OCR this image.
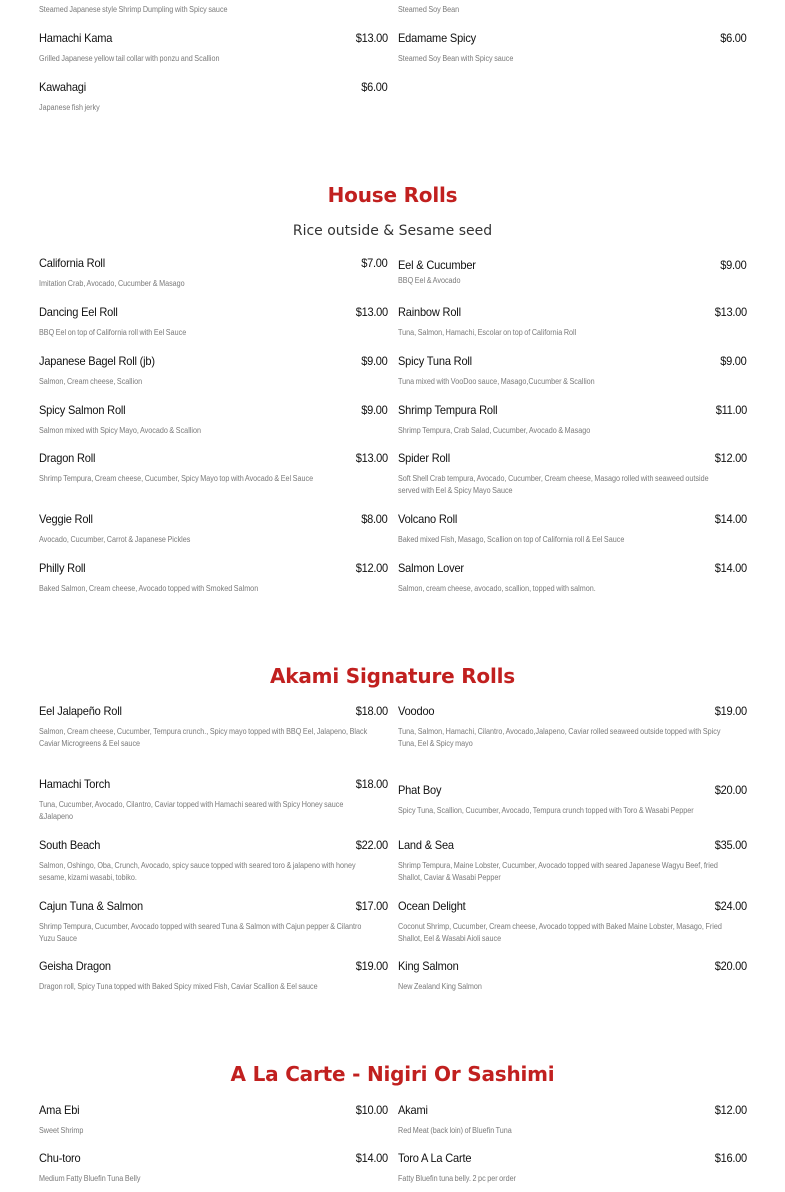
Steamed Japanese style Shrimp Dumpling with Spicy sauce	Steamed Soy Bean
Hamachi Kama	$13.00
Grilled Japanese yellow tail collar with ponzu and Scallion
Kawahagi	$6.00
Japanese fish jerky
Edamame Spicy	$6.00
Steamed Soy Bean with Spicy sauce
House Rolls
Rice outside & Sesame seed
California Roll	$7.00
Imitation Crab, Avocado, Cucumber & Masago
Dancing Eel Roll	$13.00
BBQ Eel on top of California roll with Eel Sauce
Japanese Bagel Roll (jb)	$9.00
Salmon, Cream cheese, Scallion
Spicy Salmon Roll	$9.00
Salmon mixed with Spicy Mayo, Avocado & Scallion
Dragon Roll	$13.00
Shrimp Tempura, Cream cheese, Cucumber, Spicy Mayo top with Avocado & Eel Sauce
Veggie Roll	$8.00
Avocado, Cucumber, Carrot & Japanese Pickles
Philly Roll	$12.00
Baked Salmon, Cream cheese, Avocado topped with Smoked Salmon
Eel & Cucumber	$9.00
BBQ Eel & Avocado
Rainbow Roll	$13.00
Tuna, Salmon, Hamachi, Escolar on top of California Roll
Spicy Tuna Roll	$9.00
Tuna mixed with VooDoo sauce, Masago,Cucumber & Scallion
Shrimp Tempura Roll	$11.00
Shrimp Tempura, Crab Salad, Cucumber, Avocado & Masago
Spider Roll	$12.00
Soft Shell Crab tempura, Avocado, Cucumber, Cream cheese, Masago rolled with seaweed outside served with Eel & Spicy Mayo Sauce
Volcano Roll	$14.00
Baked mixed Fish, Masago, Scallion on top of California roll & Eel Sauce
Salmon Lover	$14.00
Salmon, cream cheese, avocado, scallion, topped with salmon.
Akami Signature Rolls
Eel Jalapeño Roll	$18.00
Salmon, Cream cheese, Cucumber, Tempura crunch., Spicy mayo topped with BBQ Eel, Jalapeno, Black Caviar Microgreens & Eel sauce
Hamachi Torch	$18.00
Tuna, Cucumber, Avocado, Cilantro, Caviar topped with Hamachi seared with Spicy Honey sauce &Jalapeno
South Beach	$22.00
Salmon, Oshingo, Oba, Crunch, Avocado, spicy sauce topped with seared toro & jalapeno with honey sesame, kizami wasabi, tobiko.
Cajun Tuna & Salmon	$17.00
Shrimp Tempura, Cucumber, Avocado topped with seared Tuna & Salmon with Cajun pepper & Cilantro Yuzu Sauce
Geisha Dragon	$19.00
Dragon roll, Spicy Tuna topped with Baked Spicy mixed Fish, Caviar Scallion & Eel sauce
Voodoo	$19.00
Tuna, Salmon, Hamachi, Cilantro, Avocado,Jalapeno, Caviar rolled seaweed outside topped with Spicy Tuna, Eel & Spicy mayo
Phat Boy	$20.00
Spicy Tuna, Scallion, Cucumber, Avocado, Tempura crunch topped with Toro & Wasabi Pepper
Land & Sea	$35.00
Shrimp Tempura, Maine Lobster, Cucumber, Avocado topped with seared Japanese Wagyu Beef, fried Shallot, Caviar & Wasabi Pepper
Ocean Delight	$24.00
Coconut Shrimp, Cucumber, Cream cheese, Avocado topped with Baked Maine Lobster, Masago, Fried Shallot, Eel & Wasabi Aioli sauce
King Salmon	$20.00
New Zealand King Salmon
A La Carte - Nigiri Or Sashimi
Ama Ebi	$10.00
Sweet Shrimp
Chu-toro	$14.00
Medium Fatty Bluefin Tuna Belly
Akami	$12.00
Red Meat (back loin) of Bluefin Tuna
Toro A La Carte	$16.00
Fatty Bluefin tuna belly. 2 pc per order
